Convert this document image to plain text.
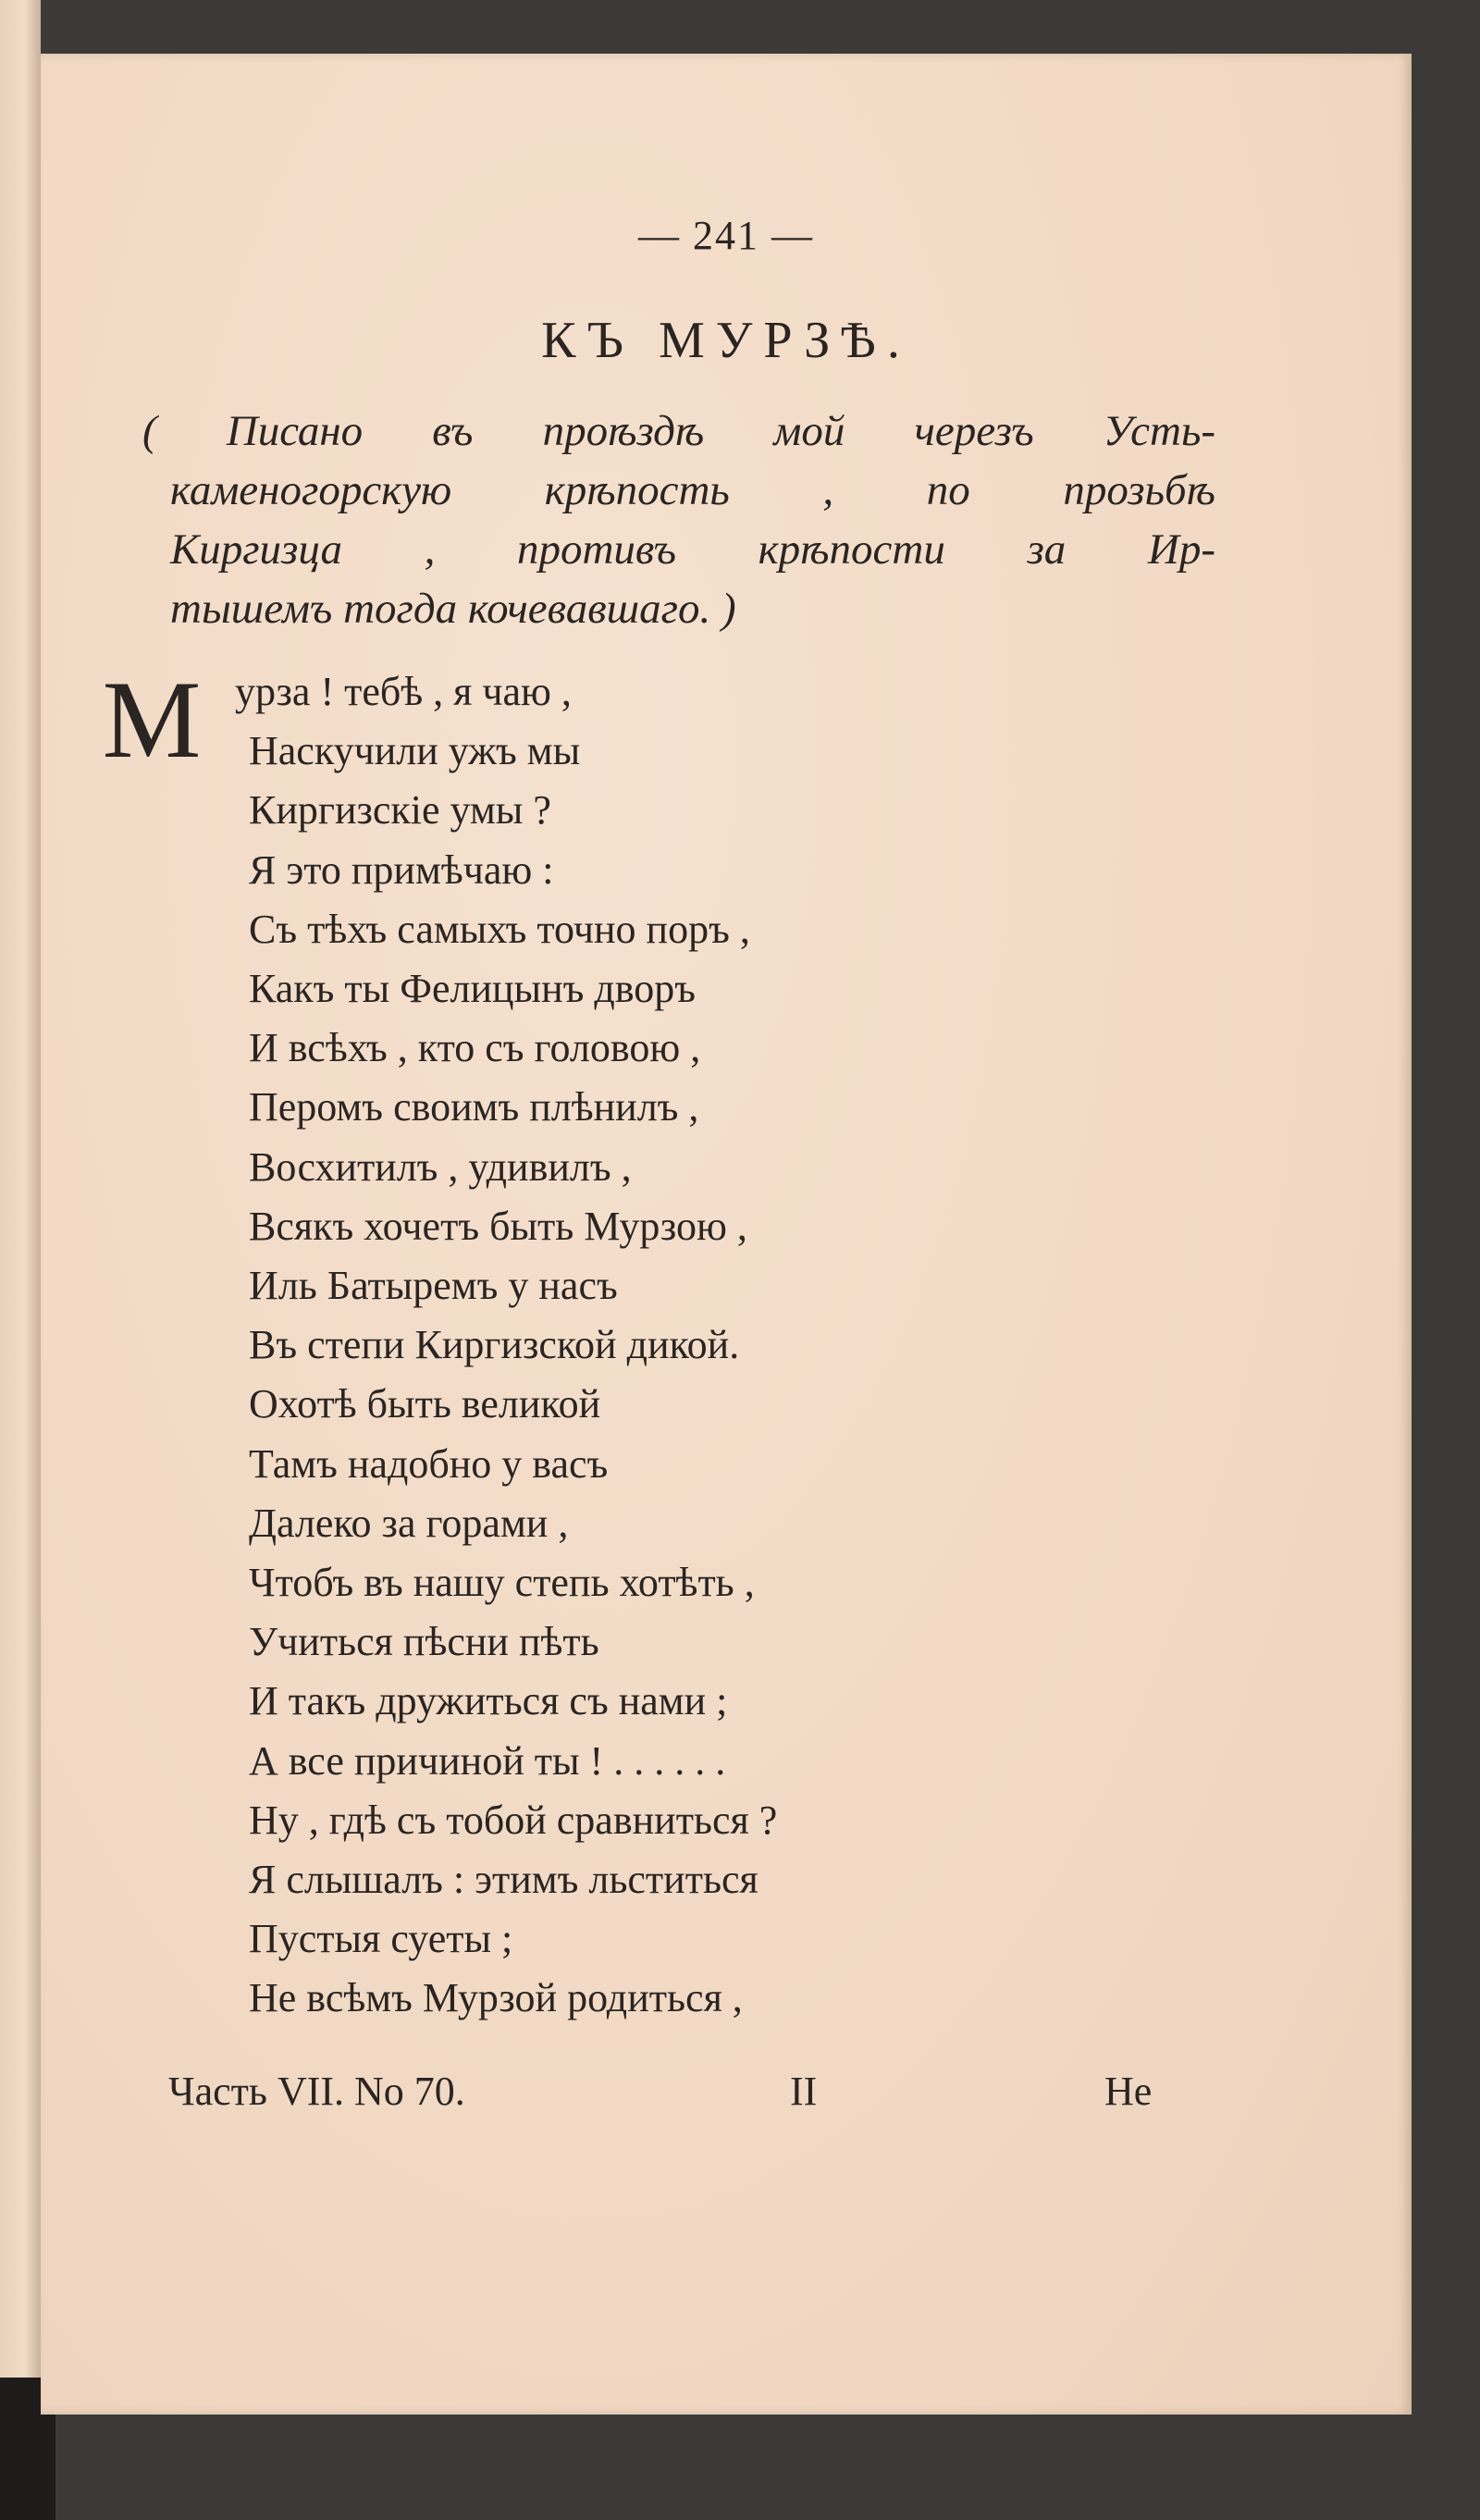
— 241 —
КЪ МУРЗѢ.
( Писано въ проѣздѣ мой черезъ Усть-
каменогорскую крѣпость , по прозьбѣ
Киргизца , противъ крѣпости за Ир-
тышемъ тогда кочевавшаго. )
М урза ! тебѣ , я чаю ,
Наскучили ужъ мы
Киргизскіе умы ?
Я это примѣчаю :
Съ тѣхъ самыхъ точно поръ ,
Какъ ты Фелицынъ дворъ
И всѣхъ , кто съ головою ,
Перомъ своимъ плѣнилъ ,
Восхитилъ , удивилъ ,
Всякъ хочетъ быть Мурзою ,
Иль Батыремъ у насъ
Въ степи Киргизской дикой.
Охотѣ быть великой
Тамъ надобно у васъ
Далеко за горами ,
Чтобъ въ нашу степь хотѣть ,
Учиться пѣсни пѣть
И такъ дружиться съ нами ;
А все причиной ты ! . . . . . .
Ну , гдѣ съ тобой сравниться ?
Я слышалъ : этимъ льститься
Пустыя суеты ;
Не всѣмъ Мурзой родиться ,
Часть VII. No 70.	II	Не
